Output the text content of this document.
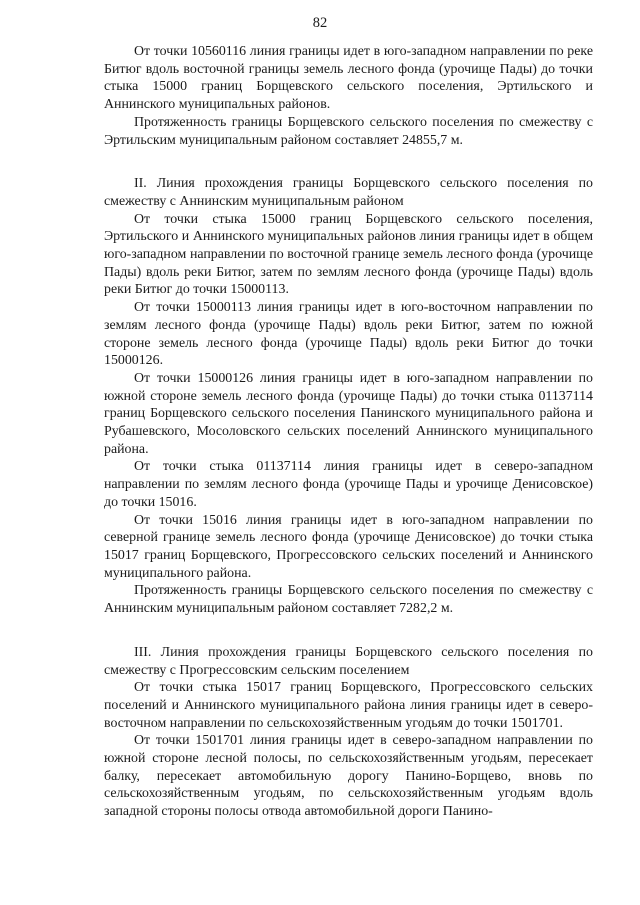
82

От точки 10560116 линия границы идет в юго-западном направлении по реке Битюг вдоль восточной границы земель лесного фонда (урочище Пады) до точки стыка 15000 границ Борщевского сельского поселения, Эртильского и Аннинского муниципальных районов.

Протяженность границы Борщевского сельского поселения по смежеству с Эртильским муниципальным районом составляет 24855,7 м.

II. Линия прохождения границы Борщевского сельского поселения по смежеству с Аннинским муниципальным районом

От точки стыка 15000 границ Борщевского сельского поселения, Эртильского и Аннинского муниципальных районов линия границы идет в общем юго-западном направлении по восточной границе земель лесного фонда (урочище Пады) вдоль реки Битюг, затем по землям лесного фонда (урочище Пады) вдоль реки Битюг до точки 15000113.

От точки 15000113 линия границы идет в юго-восточном направлении по землям лесного фонда (урочище Пады) вдоль реки Битюг, затем по южной стороне земель лесного фонда (урочище Пады) вдоль реки Битюг до точки 15000126.

От точки 15000126 линия границы идет в юго-западном направлении по южной стороне земель лесного фонда (урочище Пады) до точки стыка 01137114 границ Борщевского сельского поселения Панинского муниципального района и Рубашевского, Мосоловского сельских поселений Аннинского муниципального района.

От точки стыка 01137114 линия границы идет в северо-западном направлении по землям лесного фонда (урочище Пады и урочище Денисовское) до точки 15016.

От точки 15016 линия границы идет в юго-западном направлении по северной границе земель лесного фонда (урочище Денисовское) до точки стыка 15017 границ Борщевского, Прогрессовского сельских поселений и Аннинского муниципального района.

Протяженность границы Борщевского сельского поселения по смежеству с Аннинским муниципальным районом составляет 7282,2 м.

III. Линия прохождения границы Борщевского сельского поселения по смежеству с Прогрессовским сельским поселением

От точки стыка 15017 границ Борщевского, Прогрессовского сельских поселений и Аннинского муниципального района линия границы идет в северо-восточном направлении по сельскохозяйственным угодьям до точки 1501701.

От точки 1501701 линия границы идет в северо-западном направлении по южной стороне лесной полосы, по сельскохозяйственным угодьям, пересекает балку, пересекает автомобильную дорогу Панино-Борщево, вновь по сельскохозяйственным угодьям, по сельскохозяйственным угодьям вдоль западной стороны полосы отвода автомобильной дороги Панино-
